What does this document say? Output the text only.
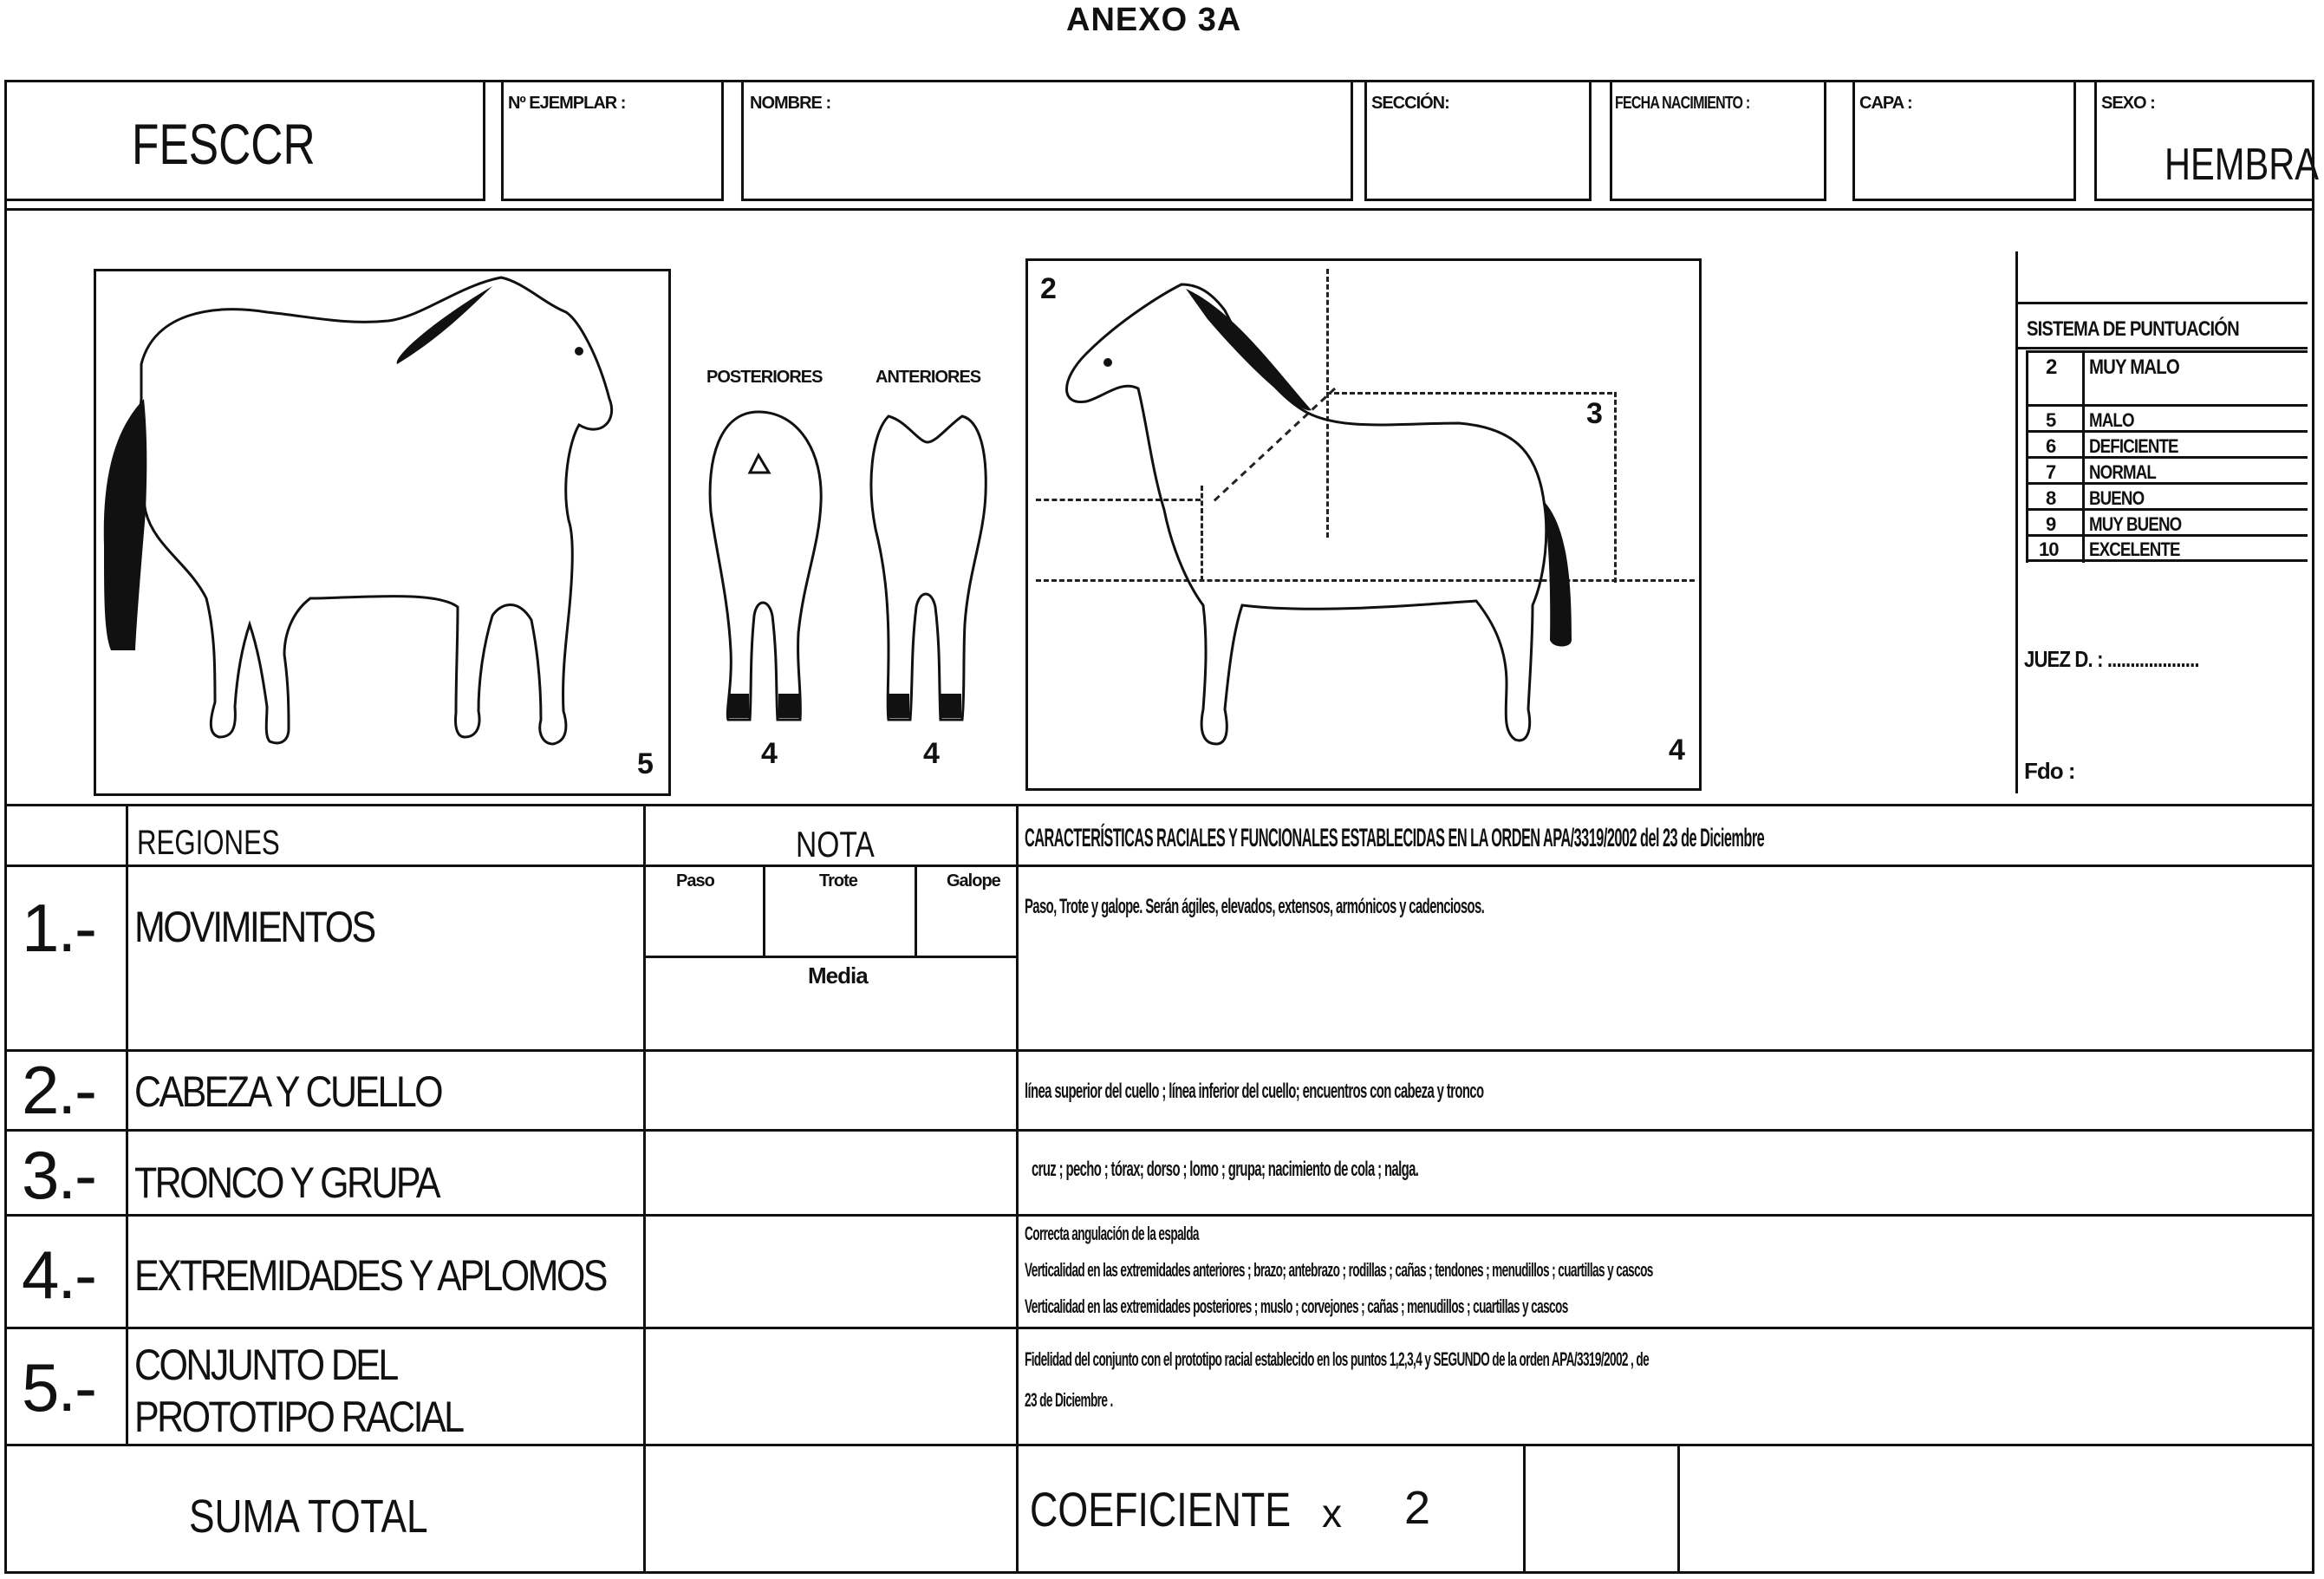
ANEXO 3A
FESCCR
Nº EJEMPLAR :	NOMBRE :	SECCIÓN:	FECHA NACIMIENTO :	CAPA :	SEXO :
HEMBRA
5
POSTERIORES	ANTERIORES
4	4
2
3
4
SISTEMA DE PUNTUACIÓN
2 MUY MALO
5 MALO
6 DEFICIENTE
7 NORMAL
8 BUENO
9 MUY BUENO
10 EXCELENTE
JUEZ D. : ....................
Fdo :
REGIONES	NOTA	CARACTERÍSTICAS RACIALES Y FUNCIONALES ESTABLECIDAS EN LA ORDEN APA/3319/2002 del 23 de Diciembre
Paso	Trote	Galope
Media
1.- MOVIMIENTOS	Paso, Trote y galope. Serán ágiles, elevados, extensos, armónicos y cadenciosos.
2.- CABEZA Y CUELLO	línea superior del cuello ; línea inferior del cuello; encuentros con cabeza y tronco
3.- TRONCO Y GRUPA	cruz ; pecho ; tórax; dorso ; lomo ; grupa; nacimiento de cola ; nalga.
4.- EXTREMIDADES Y APLOMOS
Correcta angulación de la espalda
Verticalidad en las extremidades anteriores ; brazo; antebrazo ; rodillas ; cañas ; tendones ; menudillos ; cuartillas y cascos
Verticalidad en las extremidades posteriores ; muslo ; corvejones ; cañas ; menudillos ; cuartillas y cascos
5.- CONJUNTO DEL
PROTOTIPO RACIAL
Fidelidad del conjunto con el prototipo racial establecido en los puntos 1,2,3,4 y SEGUNDO de la orden APA/3319/2002 , de
23 de Diciembre .
SUMA TOTAL	COEFICIENTE x 2
